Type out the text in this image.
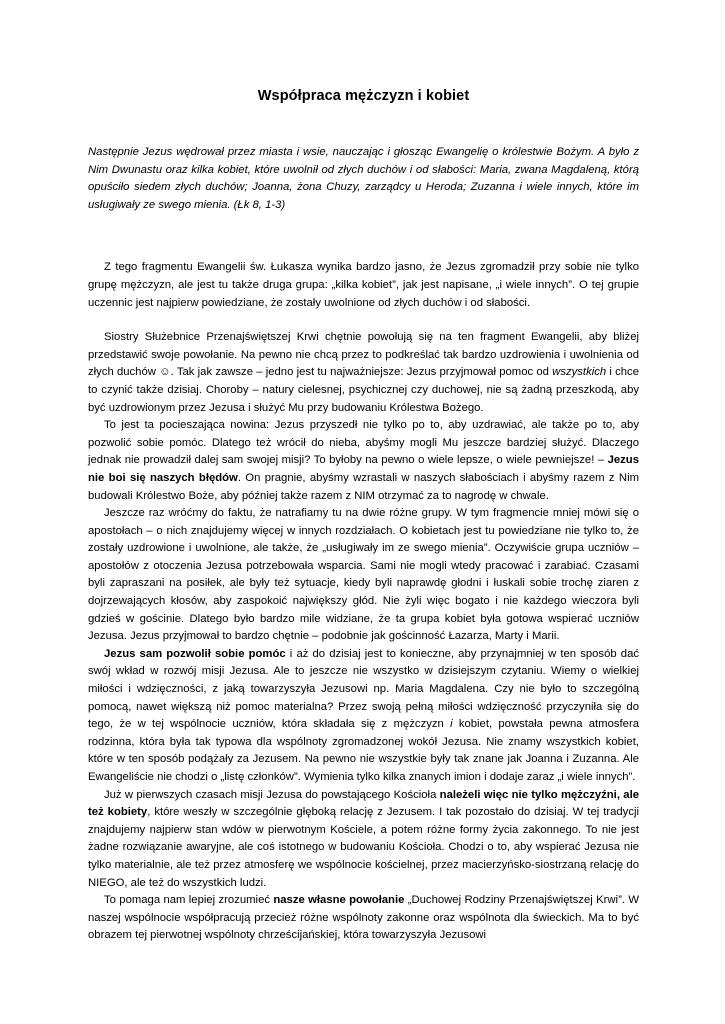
Współpraca mężczyzn i kobiet
Następnie Jezus wędrował przez miasta i wsie, nauczając i głosząc Ewangelię o królestwie Bożym. A było z Nim Dwunastu oraz kilka kobiet, które uwolnił od złych duchów i od słabości: Maria, zwana Magdaleną, którą opuściło siedem złych duchów; Joanna, żona Chuzy, zarządcy u Heroda; Zuzanna i wiele innych, które im usługiwały ze swego mienia. (Łk 8, 1-3)

Z tego fragmentu Ewangelii św. Łukasza wynika bardzo jasno, że Jezus zgromadził przy sobie nie tylko grupę mężczyzn, ale jest tu także druga grupa: „kilka kobiet”, jak jest napisane, „i wiele innych”. O tej grupie uczennic jest najpierw powiedziane, że zostały uwolnione od złych duchów i od słabości.

Siostry Służebnice Przenajświętszej Krwi chętnie powołują się na ten fragment Ewangelii, aby bliżej przedstawić swoje powołanie. Na pewno nie chcą przez to podkreślać tak bardzo uzdrowienia i uwolnienia od złych duchów ☺. Tak jak zawsze – jedno jest tu najważniejsze: Jezus przyjmował pomoc od wszystkich i chce to czynić także dzisiaj. Choroby – natury cielesnej, psychicznej czy duchowej, nie są żadną przeszkodą, aby być uzdrowionym przez Jezusa i służyć Mu przy budowaniu Królestwa Bożego.

To jest ta pocieszająca nowina: Jezus przyszedł nie tylko po to, aby uzdrawiać, ale także po to, aby pozwolić sobie pomóc. Dlatego też wrócił do nieba, abyśmy mogli Mu jeszcze bardziej służyć. Dlaczego jednak nie prowadził dalej sam swojej misji? To byłoby na pewno o wiele lepsze, o wiele pewniejsze! – Jezus nie boi się naszych błędów. On pragnie, abyśmy wzrastali w naszych słabościach i abyśmy razem z Nim budowali Królestwo Boże, aby później także razem z NIM otrzymać za to nagrodę w chwale.

Jeszcze raz wróćmy do faktu, że natrafiamy tu na dwie różne grupy. W tym fragmencie mniej mówi się o apostołach – o nich znajdujemy więcej w innych rozdziałach. O kobietach jest tu powiedziane nie tylko to, że zostały uzdrowione i uwolnione, ale także, że „usługiwały im ze swego mienia”. Oczywiście grupa uczniów – apostołów z otoczenia Jezusa potrzebowała wsparcia. Sami nie mogli wtedy pracować i zarabiać. Czasami byli zapraszani na posiłek, ale były też sytuacje, kiedy byli naprawdę głodni i łuskali sobie trochę ziaren z dojrzewających kłosów, aby zaspokoić największy głód. Nie żyli więc bogato i nie każdego wieczora byli gdzieś w gościnie. Dlatego było bardzo mile widziane, że ta grupa kobiet była gotowa wspierać uczniów Jezusa. Jezus przyjmował to bardzo chętnie – podobnie jak gościnność Łazarza, Marty i Marii.

Jezus sam pozwolił sobie pomóc i aż do dzisiaj jest to konieczne, aby przynajmniej w ten sposób dać swój wkład w rozwój misji Jezusa. Ale to jeszcze nie wszystko w dzisiejszym czytaniu. Wiemy o wielkiej miłości i wdzięczności, z jaką towarzyszyła Jezusowi np. Maria Magdalena. Czy nie było to szczególną pomocą, nawet większą niż pomoc materialna? Przez swoją pełną miłości wdzięczność przyczyniła się do tego, że w tej wspólnocie uczniów, która składała się z mężczyzn i kobiet, powstała pewna atmosfera rodzinna, która była tak typowa dla wspólnoty zgromadzonej wokół Jezusa. Nie znamy wszystkich kobiet, które w ten sposób podążały za Jezusem. Na pewno nie wszystkie były tak znane jak Joanna i Zuzanna. Ale Ewangeliście nie chodzi o „listę członków”. Wymienia tylko kilka znanych imion i dodaje zaraz „i wiele innych”.

Już w pierwszych czasach misji Jezusa do powstającego Kościoła należeli więc nie tylko mężczyźni, ale też kobiety, które weszły w szczególnie głęboką relację z Jezusem. I tak pozostało do dzisiaj. W tej tradycji znajdujemy najpierw stan wdów w pierwotnym Kościele, a potem różne formy życia zakonnego. To nie jest żadne rozwiązanie awaryjne, ale coś istotnego w budowaniu Kościoła. Chodzi o to, aby wspierać Jezusa nie tylko materialnie, ale też przez atmosferę we wspólnocie kościelnej, przez macierzyńsko-siostrzaną relację do NIEGO, ale też do wszystkich ludzi.

To pomaga nam lepiej zrozumieć nasze własne powołanie „Duchowej Rodziny Przenajświętszej Krwi”. W naszej wspólnocie współpracują przecież różne wspólnoty zakonne oraz wspólnota dla świeckich. Ma to być obrazem tej pierwotnej wspólnoty chrześcijańskiej, która towarzyszyła Jezusowi
